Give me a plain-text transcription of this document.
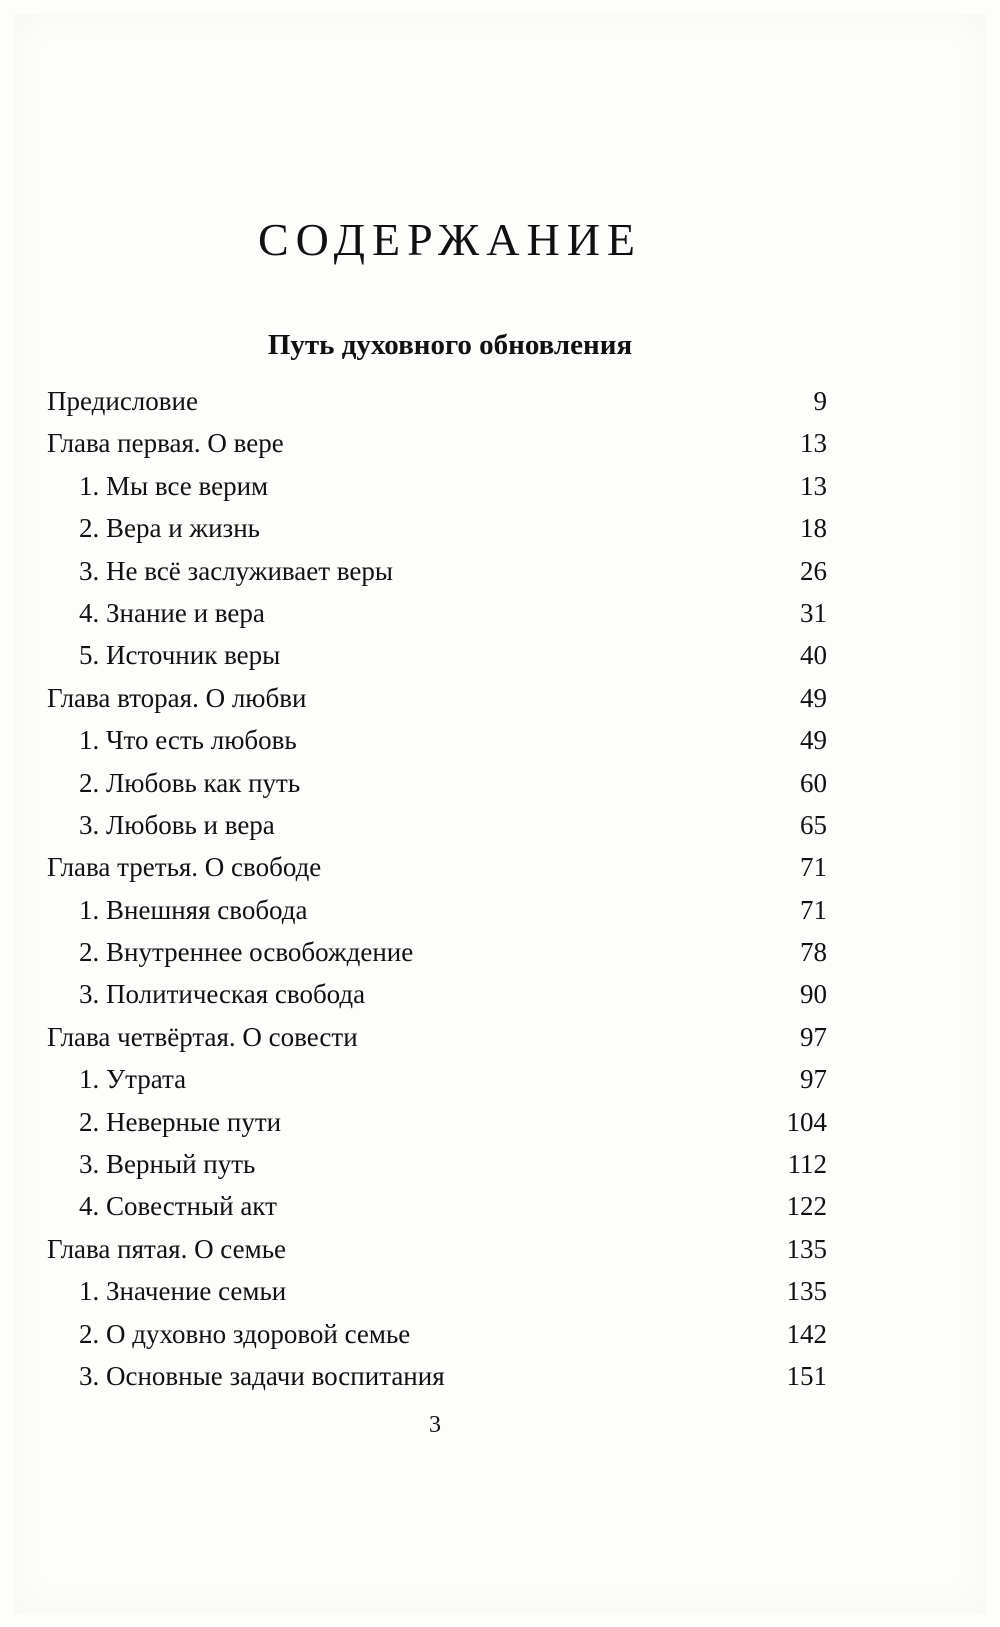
СОДЕРЖАНИЕ
Путь духовного обновления
Предисловие	9
Глава первая. О вере	13
1. Мы все верим	13
2. Вера и жизнь	18
3. Не всё заслуживает веры	26
4. Знание и вера	31
5. Источник веры	40
Глава вторая. О любви	49
1. Что есть любовь	49
2. Любовь как путь	60
3. Любовь и вера	65
Глава третья. О свободе	71
1. Внешняя свобода	71
2. Внутреннее освобождение	78
3. Политическая свобода	90
Глава четвёртая. О совести	97
1. Утрата	97
2. Неверные пути	104
3. Верный путь	112
4. Совестный акт	122
Глава пятая. О семье	135
1. Значение семьи	135
2. О духовно здоровой семье	142
3. Основные задачи воспитания	151
3
